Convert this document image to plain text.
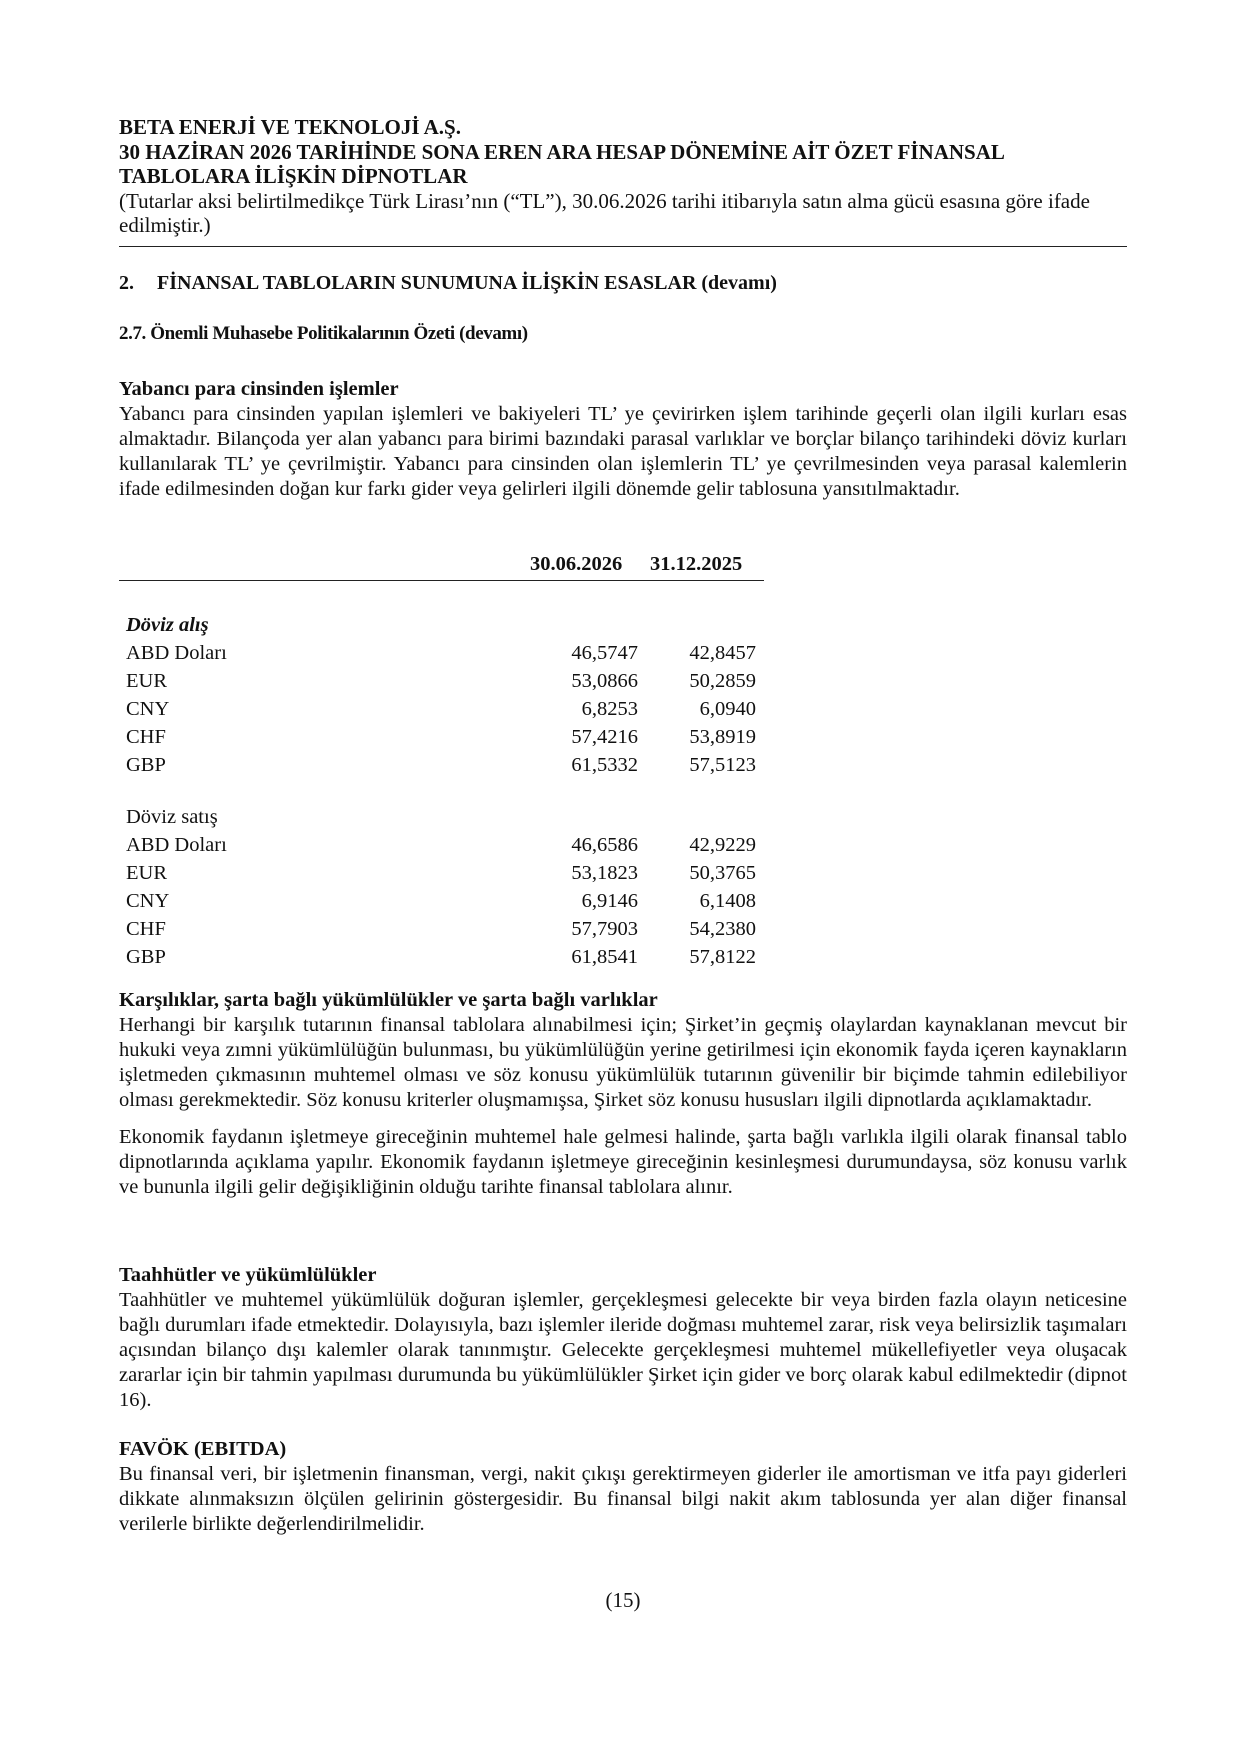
BETA ENERJİ VE TEKNOLOJİ A.Ş.
30 HAZİRAN 2026 TARİHİNDE SONA EREN ARA HESAP DÖNEMİNE AİT ÖZET FİNANSAL
TABLOLARA İLİŞKİN DİPNOTLAR
(Tutarlar aksi belirtilmedikçe Türk Lirası’nın (“TL”), 30.06.2026 tarihi itibarıyla satın alma gücü esasına göre ifade edilmiştir.)
2. FİNANSAL TABLOLARIN SUNUMUNA İLİŞKİN ESASLAR (devamı)
2.7. Önemli Muhasebe Politikalarının Özeti (devamı)
Yabancı para cinsinden işlemler

Yabancı para cinsinden yapılan işlemleri ve bakiyeleri TL’ ye çevirirken işlem tarihinde geçerli olan ilgili kurları esas almaktadır. Bilançoda yer alan yabancı para birimi bazındaki parasal varlıklar ve borçlar bilanço tarihindeki döviz kurları kullanılarak TL’ ye çevrilmiştir. Yabancı para cinsinden olan işlemlerin TL’ ye çevrilmesinden veya parasal kalemlerin ifade edilmesinden doğan kur farkı gider veya gelirleri ilgili dönemde gelir tablosuna yansıtılmaktadır.

30.06.2026 31.12.2025
Döviz alış
ABD Doları	46,5747	42,8457
EUR	53,0866	50,2859
CNY	6,8253	6,0940
CHF	57,4216	53,8919
GBP	61,5332	57,5123
Döviz satış
ABD Doları	46,6586	42,9229
EUR	53,1823	50,3765
CNY	6,9146	6,1408
CHF	57,7903	54,2380
GBP	61,8541	57,8122
Karşılıklar, şarta bağlı yükümlülükler ve şarta bağlı varlıklar

Herhangi bir karşılık tutarının finansal tablolara alınabilmesi için; Şirket’in geçmiş olaylardan kaynaklanan mevcut bir hukuki veya zımni yükümlülüğün bulunması, bu yükümlülüğün yerine getirilmesi için ekonomik fayda içeren kaynakların işletmeden çıkmasının muhtemel olması ve söz konusu yükümlülük tutarının güvenilir bir biçimde tahmin edilebiliyor olması gerekmektedir. Söz konusu kriterler oluşmamışsa, Şirket söz konusu hususları ilgili dipnotlarda açıklamaktadır.

Ekonomik faydanın işletmeye gireceğinin muhtemel hale gelmesi halinde, şarta bağlı varlıkla ilgili olarak finansal tablo dipnotlarında açıklama yapılır. Ekonomik faydanın işletmeye gireceğinin kesinleşmesi durumundaysa, söz konusu varlık ve bununla ilgili gelir değişikliğinin olduğu tarihte finansal tablolara alınır.

Taahhütler ve yükümlülükler

Taahhütler ve muhtemel yükümlülük doğuran işlemler, gerçekleşmesi gelecekte bir veya birden fazla olayın neticesine bağlı durumları ifade etmektedir. Dolayısıyla, bazı işlemler ileride doğması muhtemel zarar, risk veya belirsizlik taşımaları açısından bilanço dışı kalemler olarak tanınmıştır. Gelecekte gerçekleşmesi muhtemel mükellefiyetler veya oluşacak zararlar için bir tahmin yapılması durumunda bu yükümlülükler Şirket için gider ve borç olarak kabul edilmektedir (dipnot 16).

FAVÖK (EBITDA)

Bu finansal veri, bir işletmenin finansman, vergi, nakit çıkışı gerektirmeyen giderler ile amortisman ve itfa payı giderleri dikkate alınmaksızın ölçülen gelirinin göstergesidir. Bu finansal bilgi nakit akım tablosunda yer alan diğer finansal verilerle birlikte değerlendirilmelidir.

(15)
